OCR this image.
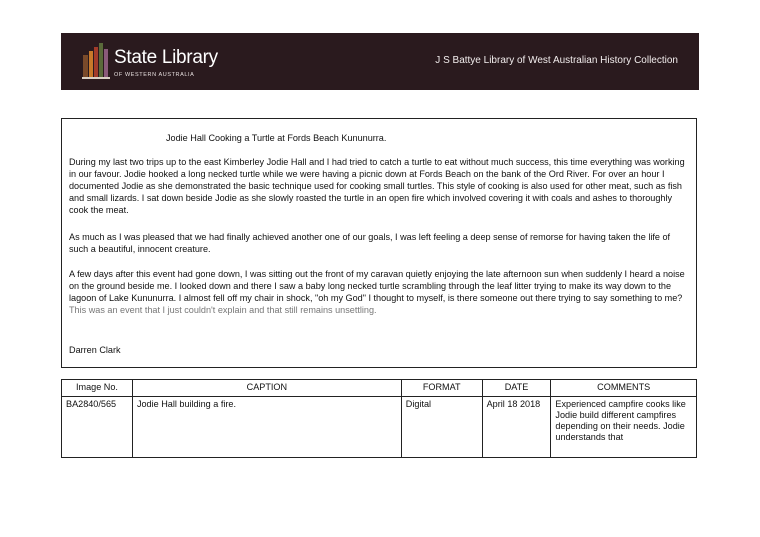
State Library
OF WESTERN AUSTRALIA
J S Battye Library of West Australian History Collection
Jodie Hall Cooking a Turtle at Fords Beach Kununurra.

During my last two trips up to the east Kimberley Jodie Hall and I had tried to catch a turtle to eat without much success, this time everything was working in our favour. Jodie hooked a long necked turtle while we were having a picnic down at Fords Beach on the bank of the Ord River. For over an hour I documented Jodie as she demonstrated the basic technique used for cooking small turtles. This style of cooking is also used for other meat, such as fish and small lizards. I sat down beside Jodie as she slowly roasted the turtle in an open fire which involved covering it with coals and ashes to thoroughly cook the meat.

As much as I was pleased that we had finally achieved another one of our goals, I was left feeling a deep sense of remorse for having taken the life of such a beautiful, innocent creature.

A few days after this event had gone down, I was sitting out the front of my caravan quietly enjoying the late afternoon sun when suddenly I heard a noise on the ground beside me. I looked down and there I saw a baby long necked turtle scrambling through the leaf litter trying to make its way down to the lagoon of Lake Kununurra. I almost fell off my chair in shock, "oh my God" I thought to myself, is there someone out there trying to say something to me? This was an event that I just couldn't explain and that still remains unsettling.

Darren Clark
Image No.	CAPTION	FORMAT	DATE	COMMENTS
BA2840/565	Jodie Hall building a fire.	Digital	April 18 2018	Experienced campfire cooks like Jodie build different campfires depending on their needs. Jodie understands that
